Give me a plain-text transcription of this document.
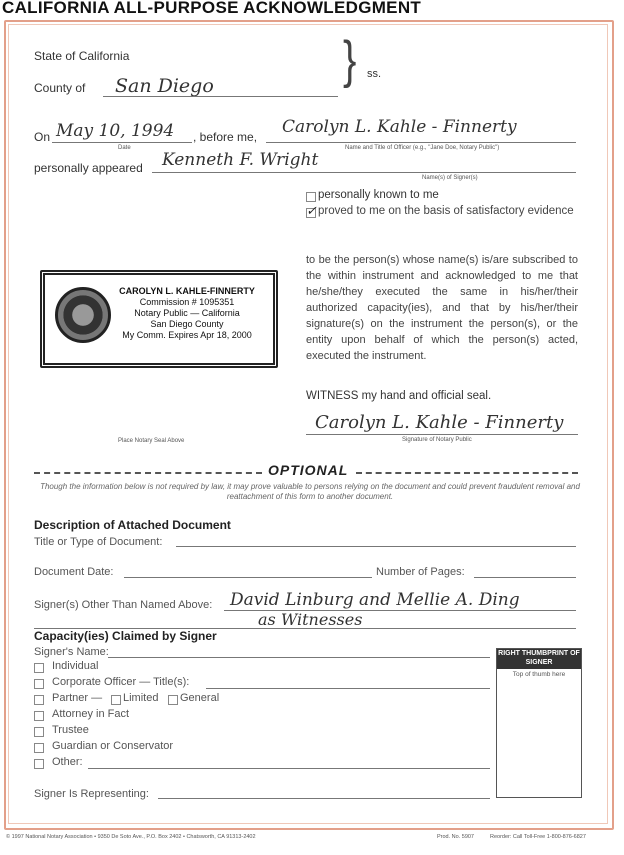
CALIFORNIA ALL-PURPOSE ACKNOWLEDGMENT
State of California
County of San Diego	} ss.
On May 10, 1994
Date
, before me, Carolyn L. Kahle - Finnerty
Name and Title of Officer (e.g., "Jane Doe, Notary Public")
personally appeared Kenneth F. Wright
Name(s) of Signer(s)
personally known to me
✓ proved to me on the basis of satisfactory evidence
to be the person(s) whose name(s) is/are subscribed to the within instrument and acknowledged to me that he/she/they executed the same in his/her/their authorized capacity(ies), and that by his/her/their signature(s) on the instrument the person(s), or the entity upon behalf of which the person(s) acted, executed the instrument.
CAROLYN L. KAHLE-FINNERTY
Commission # 1095351
Notary Public — California
San Diego County
My Comm. Expires Apr 18, 2000
Place Notary Seal Above
WITNESS my hand and official seal.
Carolyn L. Kahle - Finnerty
Signature of Notary Public
OPTIONAL
Though the information below is not required by law, it may prove valuable to persons relying on the document and could prevent fraudulent removal and reattachment of this form to another document.
Description of Attached Document
Title or Type of Document:
Document Date:	Number of Pages:
Signer(s) Other Than Named Above: David Linburg and Mellie A. Ding
as Witnesses
Capacity(ies) Claimed by Signer
Signer's Name:
Individual
Corporate Officer — Title(s):
Partner — Limited General
Attorney in Fact
Trustee
Guardian or Conservator
Other:
Signer Is Representing:
RIGHT THUMBPRINT OF SIGNER
Top of thumb here
© 1997 National Notary Association • 9350 De Soto Ave., P.O. Box 2402 • Chatsworth, CA 91313-2402	Prod. No. 5907	Reorder: Call Toll-Free 1-800-876-6827
